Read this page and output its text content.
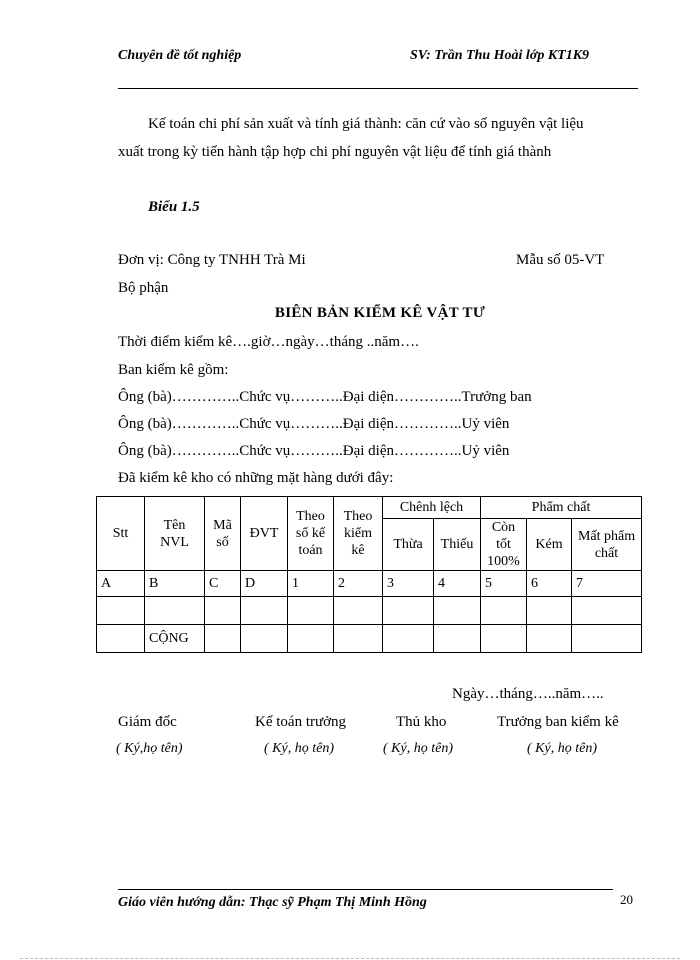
Chuyên đề tốt nghiệp	SV: Trần Thu Hoài lớp KT1K9
Kế toán chi phí sản xuất và tính giá thành: căn cứ vào số nguyên vật liệu
xuất trong kỳ tiến hành tập hợp chi phí nguyên vật liệu để tính giá thành
Biểu 1.5
Đơn vị: Công ty TNHH Trà Mi	Mẫu số 05-VT
Bộ phận
BIÊN BẢN KIỂM KÊ VẬT TƯ
Thời điểm kiểm kê….giờ…ngày…tháng ..năm….
Ban kiểm kê gồm:
Ông (bà)…………..Chức vụ………..Đại diện…………..Trưởng ban
Ông (bà)…………..Chức vụ………..Đại diện…………..Uỷ viên
Ông (bà)…………..Chức vụ………..Đại diện…………..Uỷ viên
Đã kiểm kê kho có những mặt hàng dưới đây:
Stt	Tên NVL	Mã số	ĐVT	Theo sổ kế toán	Theo kiểm kê	Chênh lệch		Phẩm chất		
						Thừa	Thiếu	Còn tốt 100%	Kém	Mất phẩm chất
A	B	C	D	1	2	3	4	5	6	7

	CỘNG									
Ngày…tháng…..năm…..
Giám đốc	Kế toán trưởng	Thủ kho	Trưởng ban kiểm kê
( Ký,họ tên)	( Ký, họ tên)	( Ký, họ tên)	( Ký, họ tên)
Giáo viên hướng dẫn: Thạc sỹ Phạm Thị Minh Hồng	20
